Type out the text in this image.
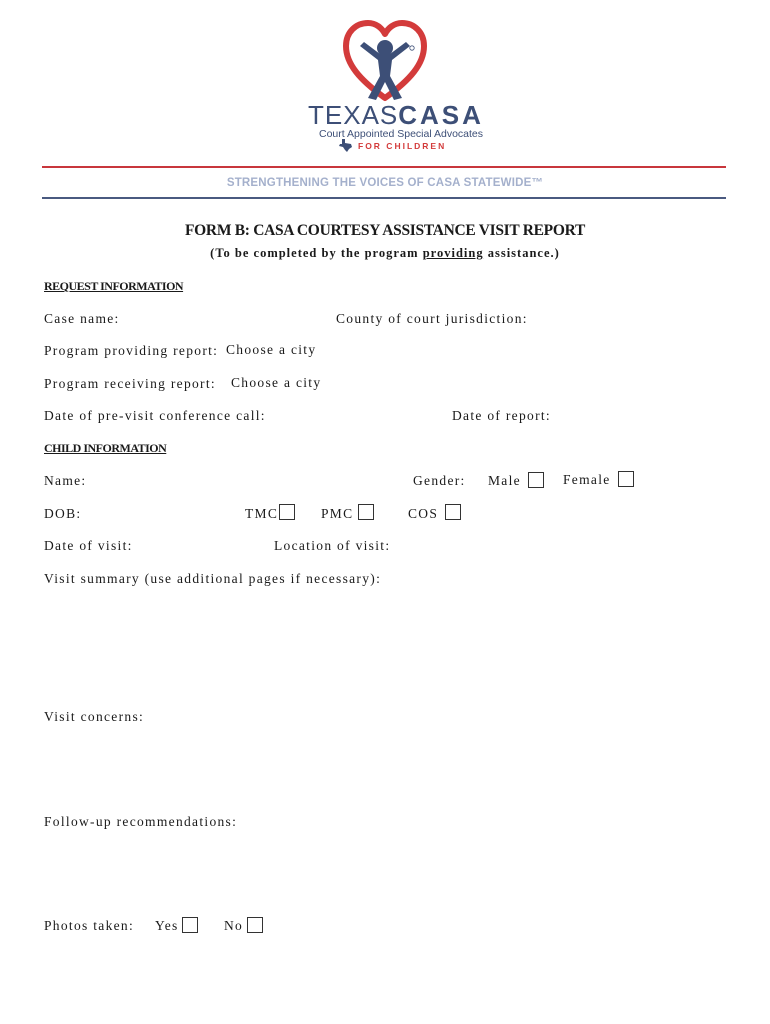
TEXASCASA
Court Appointed Special Advocates
FOR CHILDREN
STRENGTHENING THE VOICES OF CASA STATEWIDE™
FORM B: CASA COURTESY ASSISTANCE VISIT REPORT
(To be completed by the program providing assistance.)
REQUEST INFORMATION
Case name:	County of court jurisdiction:
Program providing report: Choose a city
Program receiving report: Choose a city
Date of pre-visit conference call:	Date of report:
CHILD INFORMATION
Name:	Gender: Male	Female
DOB:	TMC	PMC	COS
Date of visit:	Location of visit:
Visit summary (use additional pages if necessary):
Visit concerns:
Follow-up recommendations:
Photos taken: Yes	No
